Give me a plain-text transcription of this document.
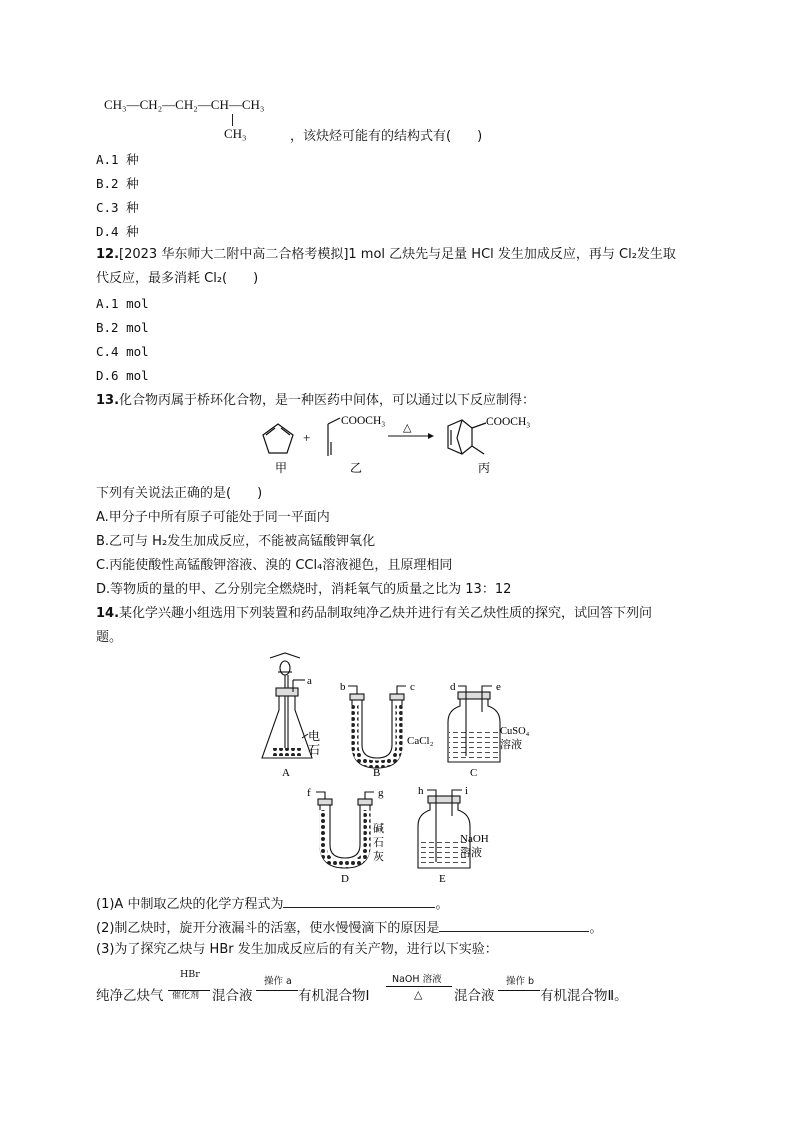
CH₃—CH₂—CH₂—CH—CH₃
CH₃	，该炔烃可能有的结构式有(　　)
A.1 种
B.2 种
C.3 种
D.4 种
12.[2023 华东师大二附中高二合格考模拟]1 mol 乙炔先与足量 HCl 发生加成反应，再与 Cl₂发生取
代反应，最多消耗 Cl₂(　　)
A.1 mol
B.2 mol
C.4 mol
D.6 mol
13.化合物丙属于桥环化合物，是一种医药中间体，可以通过以下反应制得：
+
COOCH₃
△	COOCH₃
甲	乙	丙
下列有关说法正确的是(　　)
A.甲分子中所有原子可能处于同一平面内
B.乙可与 H₂发生加成反应，不能被高锰酸钾氧化
C.丙能使酸性高锰酸钾溶液、溴的 CCl₄溶液褪色，且原理相同
D.等物质的量的甲、乙分别完全燃烧时，消耗氧气的质量之比为 13：12
14.某化学兴趣小组选用下列装置和药品制取纯净乙炔并进行有关乙炔性质的探究，试回答下列问
题。
a
电
石
A
b	c
CaCl₂
B
d	e
CuSO₄
溶液
C
f	g
碱
石
灰
D
h	i
NaOH
溶液
E
(1)A 中制取乙炔的化学方程式为	。
(2)制乙炔时，旋开分液漏斗的活塞，使水慢慢滴下的原因是	。
(3)为了探究乙炔与 HBr 发生加成反应后的有关产物，进行以下实验：
纯净乙炔气
HBr
催化剂 混合液
操作 a
有机混合物Ⅰ
NaOH 溶液
△ 混合液
操作 b
有机混合物Ⅱ。
